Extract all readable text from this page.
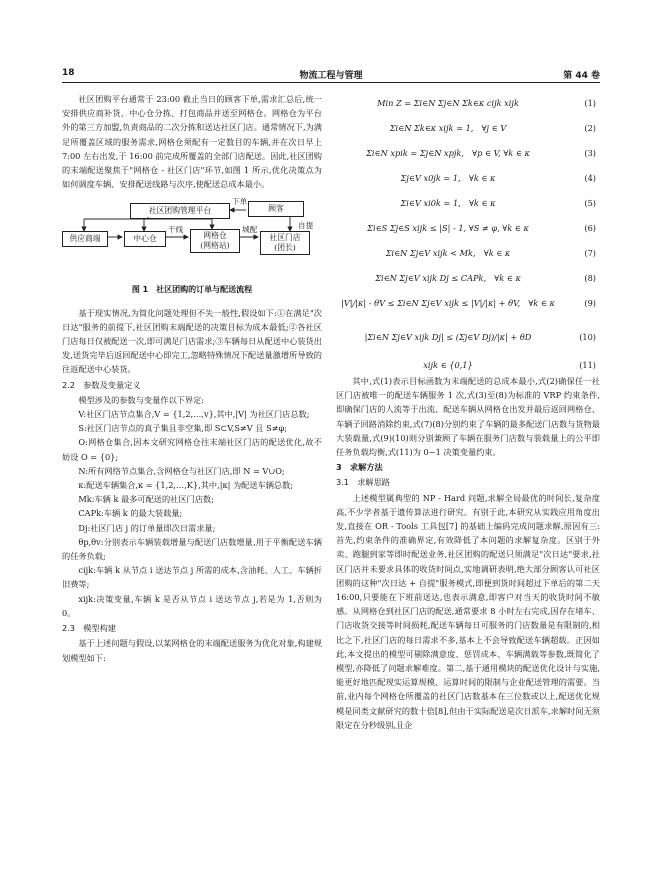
18	物流工程与管理	第 44 卷

社区团购平台通常于 23:00 截止当日的顾客下单,需求汇总后,统一安排供应商补货、中心仓分拣、打包商品并送至网格仓。网格仓为平台外的第三方加盟,负责商品的二次分拣和送达社区门店。通常情况下,为满足所覆盖区域的服务需求,网格仓须配有一定数目的车辆,并在次日早上 7:00 左右出发,于 16:00 前完成所覆盖的全部门店配送。因此,社区团购的末端配送聚焦于"网格仓 - 社区门店"环节,如图 1 所示,优化决策点为如何调度车辆、安排配送线路与次序,使配送总成本最小。

社区团购管理平台
下单
顾客
自提
供应商端	中心仓
干线
网格仓
(网格站)
城配
社区门店
(团长)

图 1　社区团购的订单与配送流程

基于现实情况,为简化问题处理但不失一般性,假设如下:①在满足"次日达"服务的前提下,社区团购末端配送的决策目标为成本最低;②各社区门店每日仅被配送一次,即可满足门店需求;③车辆每日从配送中心装货出发,送货完毕后返回配送中心即完工,忽略特殊情况下配送量激增所导致的往返配送中心装货。

2.2　参数及变量定义

模型涉及的参数与变量作以下界定:

V:社区门店节点集合,V = {1,2,…,v},其中,|V| 为社区门店总数;

S:社区门店节点的真子集且非空集,即 S⊂V,S≠V 且 S≠φ;

O:网格仓集合,因本文研究网格仓往末端社区门店的配送优化,故不妨设 O = {0};

N:所有网络节点集合,含网格仓与社区门店,即 N = V∪O;

κ:配送车辆集合,κ = {1,2,…,K},其中,|κ| 为配送车辆总数;

Mk:车辆 k 最多可配送的社区门店数;

CAPk:车辆 k 的最大装载量;

Dj:社区门店 j 的订单量即次日需求量;

θp,θv:分别表示车辆装载增量与配送门店数增量,用于平衡配送车辆的任务负载;

cijk:车辆 k 从节点 i 送达节点 j 所需的成本,含油耗、人工、车辆折旧费等;

xijk:决策变量,车辆 k 是否从节点 i 送达节点 j,若是为 1,否则为 0。

2.3　模型构建

基于上述问题与假设,以某网格仓的末端配送服务为优化对象,构建规划模型如下:

Min Z = Σi∈N Σj∈N Σk∈κ cijk xijk	(1)
Σi∈N Σk∈κ xijk = 1,　∀j ∈ V	(2)
Σi∈N xpik = Σj∈N xpjk,　∀p ∈ V, ∀k ∈ κ	(3)
Σj∈V x0jk = 1,　∀k ∈ κ	(4)
Σi∈V xi0k = 1,　∀k ∈ κ	(5)
Σi∈S Σj∈S xijk ≤ |S| - 1, ∀S ≠ φ, ∀k ∈ κ	(6)
Σi∈N Σj∈V xijk < Mk,　∀k ∈ κ	(7)
Σi∈N Σj∈V xijk Dj ≤ CAPk,　∀k ∈ κ	(8)
|V|/|κ| - θV ≤ Σi∈N Σj∈V xijk ≤ |V|/|κ| + θV,　∀k ∈ κ	(9)
|Σi∈N Σj∈V xijk Dj| ≤ (Σj∈V Dj)/|κ| + θD	(10)
xijk ∈ {0,1}	(11)

其中,式(1)表示目标函数为末端配送的总成本最小,式(2)确保任一社区门店被唯一的配送车辆服务 1 次,式(3)至(8)为标准的 VRP 约束条件,即确保门店的人流等于出流、配送车辆从网格仓出发并最后返回网格仓、车辆子回路消除约束,式(7)(8)分别约束了车辆的最多配送门店数与货物最大装载量,式(9)(10)则分别兼顾了车辆在服务门店数与装载量上的公平即任务负载均衡,式(11)为 0~1 决策变量约束。

3　求解方法

3.1　求解思路

上述模型属典型的 NP - Hard 问题,求解全局最优的时间长,复杂度高,不少学者基于遗传算法进行研究。有别于此,本研究从实践应用角度出发,直接在 OR - Tools 工具包[7] 的基础上编码完成问题求解,原因有三:首先,约束条件的准确界定,有效降低了本问题的求解复杂度。区别于外卖、跑腿到家等即时配送业务,社区团购的配送只须满足"次日达"要求,社区门店并未要求具体的收货时间点,实地调研表明,绝大部分顾客认可社区团购的这种"次日达 + 自提"服务模式,即便到货时间超过下单后的第二天 16:00,只要能在下班前送达,也表示满意,即客户对当天的收货时间不敏感。从网格仓到社区门店的配送,通常要求 8 小时左右完成,因存在堵车、门店收货交接等时间损耗,配送车辆每日可服务的门店数量是有限制的,相比之下,社区门店的每日需求不多,基本上不会导致配送车辆超载。正因如此,本文提出的模型可剔除满意度、惩罚成本、车辆满载等参数,既简化了模型,亦降低了问题求解难度。第二,基于通用模块的配送优化设计与实施,能更好地匹配现实运算规模、运算时间的限制与企业配送管理的需要。当前,业内每个网格仓所覆盖的社区门店数基本在三位数或以上,配送优化规模是同类文献研究的数十倍[8],但由于实际配送是次日派车,求解时间无须限定在分秒级别,且企
